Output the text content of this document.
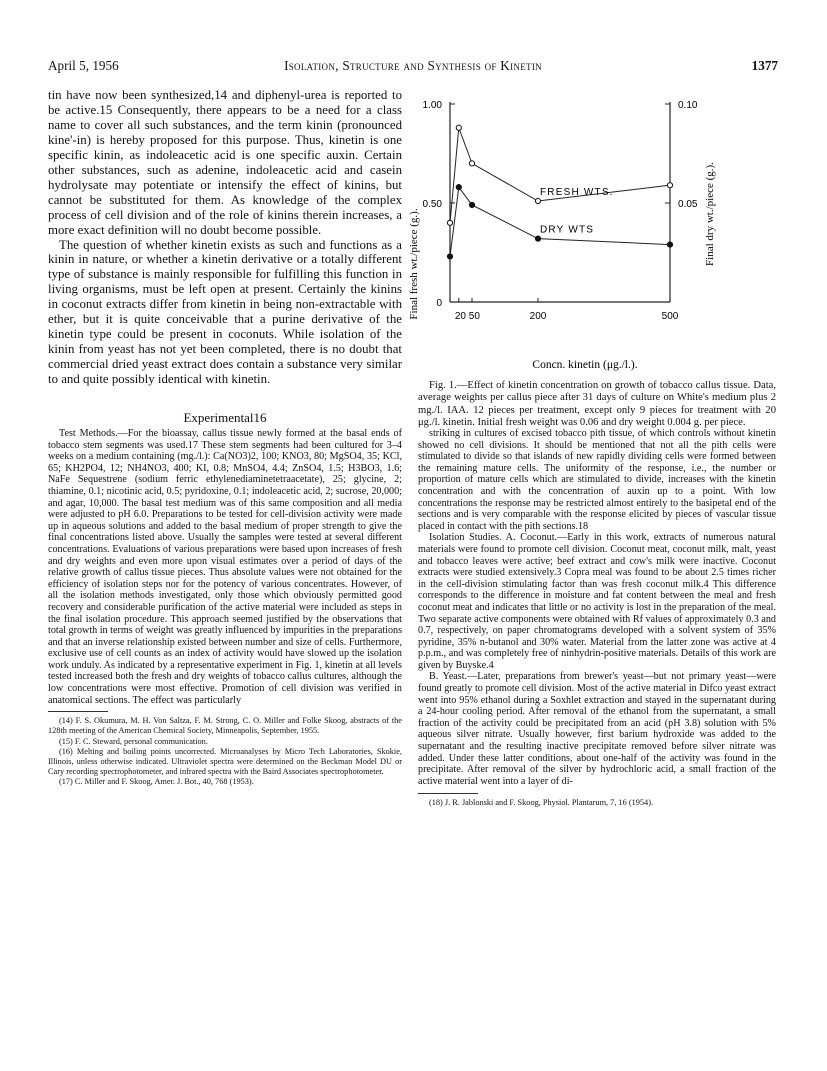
April 5, 1956	Isolation, Structure and Synthesis of Kinetin	1377

tin have now been synthesized,14 and diphenyl-urea is reported to be active.15 Consequently, there appears to be a need for a class name to cover all such substances, and the term kinin (pronounced kine'-in) is hereby proposed for this purpose. Thus, kinetin is one specific kinin, as indoleacetic acid is one specific auxin. Certain other substances, such as adenine, indoleacetic acid and casein hydrolysate may potentiate or intensify the effect of kinins, but cannot be substituted for them. As knowledge of the complex process of cell division and of the role of kinins therein increases, a more exact definition will no doubt become possible.

The question of whether kinetin exists as such and functions as a kinin in nature, or whether a kinetin derivative or a totally different type of substance is mainly responsible for fulfilling this function in living organisms, must be left open at present. Certainly the kinins in coconut extracts differ from kinetin in being non-extractable with ether, but it is quite conceivable that a purine derivative of the kinetin type could be present in coconuts. While isolation of the kinin from yeast has not yet been completed, there is no doubt that commercial dried yeast extract does contain a substance very similar to and quite possibly identical with kinetin.

20 50	200	500
0
0.50
1.00
0.05
0.10
FRESH WTS.
DRY WTS
Concn. kinetin (μg./l.).
Final fresh wt./piece (g.).	Final dry wt./piece (g.).

Fig. 1.—Effect of kinetin concentration on growth of tobacco callus tissue. Data, average weights per callus piece after 31 days of culture on White's medium plus 2 mg./l. IAA. 12 pieces per treatment, except only 9 pieces for treatment with 20 μg./l. kinetin. Initial fresh weight was 0.06 and dry weight 0.004 g. per piece.

Experimental16

Test Methods.—For the bioassay, callus tissue newly formed at the basal ends of tobacco stem segments was used.17 These stem segments had been cultured for 3–4 weeks on a medium containing (mg./l.): Ca(NO3)2, 100; KNO3, 80; MgSO4, 35; KCl, 65; KH2PO4, 12; NH4NO3, 400; KI, 0.8; MnSO4, 4.4; ZnSO4, 1.5; H3BO3, 1.6; NaFe Sequestrene (sodium ferric ethylenediaminetetraacetate), 25; glycine, 2; thiamine, 0.1; nicotinic acid, 0.5; pyridoxine, 0.1; indoleacetic acid, 2; sucrose, 20,000; and agar, 10,000. The basal test medium was of this same composition and all media were adjusted to pH 6.0. Preparations to be tested for cell-division activity were made up in aqueous solutions and added to the basal medium of proper strength to give the final concentrations listed above. Usually the samples were tested at several different concentrations. Evaluations of various preparations were based upon increases of fresh and dry weights and even more upon visual estimates over a period of days of the relative growth of callus tissue pieces. Thus absolute values were not obtained for the efficiency of isolation steps nor for the potency of various concentrates. However, of all the isolation methods investigated, only those which obviously permitted good recovery and considerable purification of the active material were included as steps in the final isolation procedure. This approach seemed justified by the observations that total growth in terms of weight was greatly influenced by impurities in the preparations and that an inverse relationship existed between number and size of cells. Furthermore, exclusive use of cell counts as an index of activity would have slowed up the isolation work unduly. As indicated by a representative experiment in Fig. 1, kinetin at all levels tested increased both the fresh and dry weights of tobacco callus cultures, although the low concentrations were most effective. Promotion of cell division was verified in anatomical sections. The effect was particularly

(14) F. S. Okumura, M. H. Von Saltza, F. M. Strong, C. O. Miller and Folke Skoog, abstracts of the 128th meeting of the American Chemical Society, Minneapolis, September, 1955.

(15) F. C. Steward, personal communication.

(16) Melting and boiling points uncorrected. Microanalyses by Micro Tech Laboratories, Skokie, Illinois, unless otherwise indicated. Ultraviolet spectra were determined on the Beckman Model DU or Cary recording spectrophotometer, and infrared spectra with the Baird Associates spectrophotometer.

(17) C. Miller and F. Skoog, Amer. J. Bot., 40, 768 (1953).

striking in cultures of excised tobacco pith tissue, of which controls without kinetin showed no cell divisions. It should be mentioned that not all the pith cells were stimulated to divide so that islands of new rapidly dividing cells were formed between the remaining mature cells. The uniformity of the response, i.e., the number or proportion of mature cells which are stimulated to divide, increases with the kinetin concentration and with the concentration of auxin up to a point. With low concentrations the response may be restricted almost entirely to the basipetal end of the sections and is very comparable with the response elicited by pieces of vascular tissue placed in contact with the pith sections.18

Isolation Studies. A. Coconut.—Early in this work, extracts of numerous natural materials were found to promote cell division. Coconut meat, coconut milk, malt, yeast and tobacco leaves were active; beef extract and cow's milk were inactive. Coconut extracts were studied extensively.3 Copra meal was found to be about 2.5 times richer in the cell-division stimulating factor than was fresh coconut milk.4 This difference corresponds to the difference in moisture and fat content between the meal and fresh coconut meat and indicates that little or no activity is lost in the preparation of the meal. Two separate active components were obtained with Rf values of approximately 0.3 and 0.7, respectively, on paper chromatograms developed with a solvent system of 35% pyridine, 35% n-butanol and 30% water. Material from the latter zone was active at 4 p.p.m., and was completely free of ninhydrin-positive materials. Details of this work are given by Buyske.4

B. Yeast.—Later, preparations from brewer's yeast—but not primary yeast—were found greatly to promote cell division. Most of the active material in Difco yeast extract went into 95% ethanol during a Soxhlet extraction and stayed in the supernatant during a 24-hour cooling period. After removal of the ethanol from the supernatant, a small fraction of the activity could be precipitated from an acid (pH 3.8) solution with 5% aqueous silver nitrate. Usually however, first barium hydroxide was added to the supernatant and the resulting inactive precipitate removed before silver nitrate was added. Under these latter conditions, about one-half of the activity was found in the precipitate. After removal of the silver by hydrochloric acid, a small fraction of the active material went into a layer of di-

(18) J. R. Jablonski and F. Skoog, Physiol. Plantarum, 7, 16 (1954).
